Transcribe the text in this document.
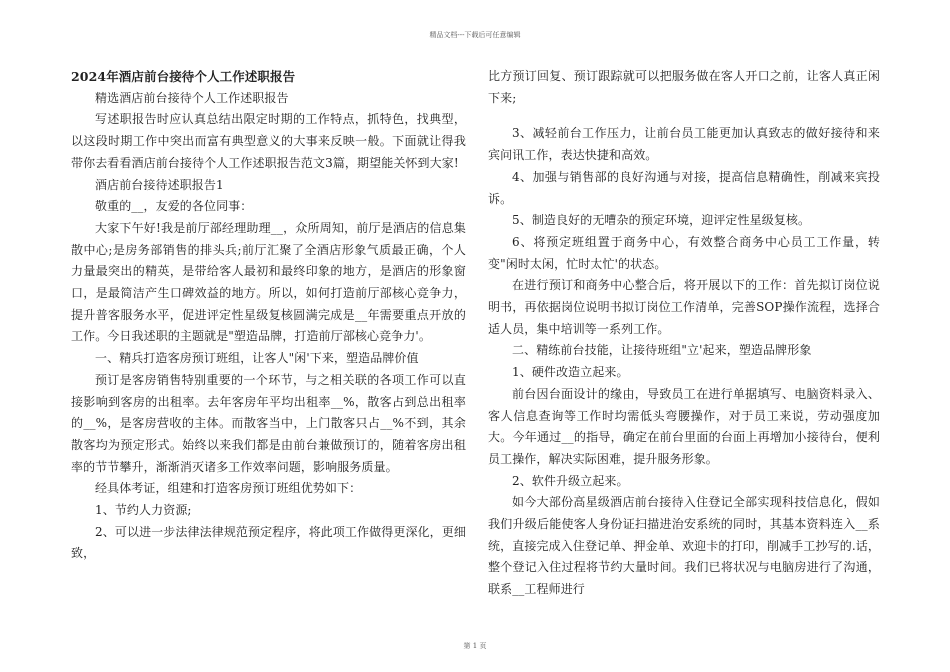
精品文档---下载后可任意编辑

2024年酒店前台接待个人工作述职报告

精选酒店前台接待个人工作述职报告

写述职报告时应认真总结出限定时期的工作特点，抓特色，找典型，以这段时期工作中突出而富有典型意义的大事来反映一般。下面就让得我带你去看看酒店前台接待个人工作述职报告范文3篇，期望能关怀到大家!

酒店前台接待述职报告1

敬重的__，友爱的各位同事：

大家下午好!我是前厅部经理助理__，众所周知，前厅是酒店的信息集散中心;是房务部销售的排头兵;前厅汇聚了全酒店形象气质最正确，个人力量最突出的精英，是带给客人最初和最终印象的地方，是酒店的形象窗口，是最简洁产生口碑效益的地方。所以，如何打造前厅部核心竞争力，提升普客服务水平，促进评定性星级复核圆满完成是__年需要重点开放的工作。今日我述职的主题就是"塑造品牌，打造前厅部核心竞争力'。

一、精兵打造客房预订班组，让客人"闲'下来，塑造品牌价值

预订是客房销售特别重要的一个环节，与之相关联的各项工作可以直接影响到客房的出租率。去年客房年平均出租率__%，散客占到总出租率的__%，是客房营收的主体。而散客当中，上门散客只占__%不到，其余散客均为预定形式。始终以来我们都是由前台兼做预订的，随着客房出租率的节节攀升，渐渐消灭诸多工作效率问题，影响服务质量。

经具体考证，组建和打造客房预订班组优势如下：

1、节约人力资源;

2、可以进一步法律法律规范预定程序，将此项工作做得更深化，更细致，

比方预订回复、预订跟踪就可以把服务做在客人开口之前，让客人真正闲下来;

3、减轻前台工作压力，让前台员工能更加认真致志的做好接待和来宾问讯工作，表达快捷和高效。

4、加强与销售部的良好沟通与对接，提高信息精确性，削减来宾投诉。

5、制造良好的无嘈杂的预定环境，迎评定性星级复核。

6、将预定班组置于商务中心，有效整合商务中心员工工作量，转变"闲时太闲，忙时太忙'的状态。

在进行预订和商务中心整合后，将开展以下的工作：首先拟订岗位说明书，再依据岗位说明书拟订岗位工作清单，完善SOP操作流程，选择合适人员，集中培训等一系列工作。

二、精练前台技能，让接待班组"立'起来，塑造品牌形象

1、硬件改造立起来。

前台因台面设计的缘由，导致员工在进行单据填写、电脑资料录入、客人信息查询等工作时均需低头弯腰操作，对于员工来说，劳动强度加大。今年通过__的指导，确定在前台里面的台面上再增加小接待台，便利员工操作，解决实际困难，提升服务形象。

2、软件升级立起来。

如今大部份高星级酒店前台接待入住登记全部实现科技信息化，假如我们升级后能使客人身份证扫描进治安系统的同时，其基本资料连入__系统，直接完成入住登记单、押金单、欢迎卡的打印，削减手工抄写的.话，整个登记入住过程将节约大量时间。我们已将状况与电脑房进行了沟通，联系__工程师进行

第 1 页
